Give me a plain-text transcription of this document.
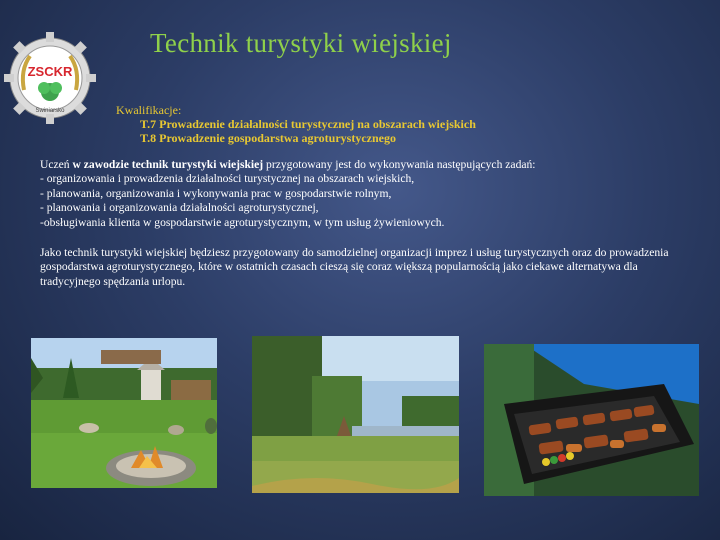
ZSCKR
Swiniarsko
Technik turystyki wiejskiej
Kwalifikacje:
T.7 Prowadzenie działalności turystycznej na obszarach wiejskich
T.8 Prowadzenie gospodarstwa agroturystycznego

Uczeń w zawodzie technik turystyki wiejskiej przygotowany jest do wykonywania następujących zadań:

- organizowania i prowadzenia działalności turystycznej na obszarach wiejskich,

- planowania, organizowania i wykonywania prac w gospodarstwie rolnym,

- planowania i organizowania działalności agroturystycznej,

-obsługiwania klienta w gospodarstwie agroturystycznym, w tym usług żywieniowych.

Jako technik turystyki wiejskiej będziesz przygotowany do samodzielnej organizacji imprez i usług turystycznych oraz do prowadzenia gospodarstwa agroturystycznego, które w ostatnich czasach cieszą się coraz większą popularnością jako ciekawe alternatywa dla tradycyjnego spędzania urlopu.
